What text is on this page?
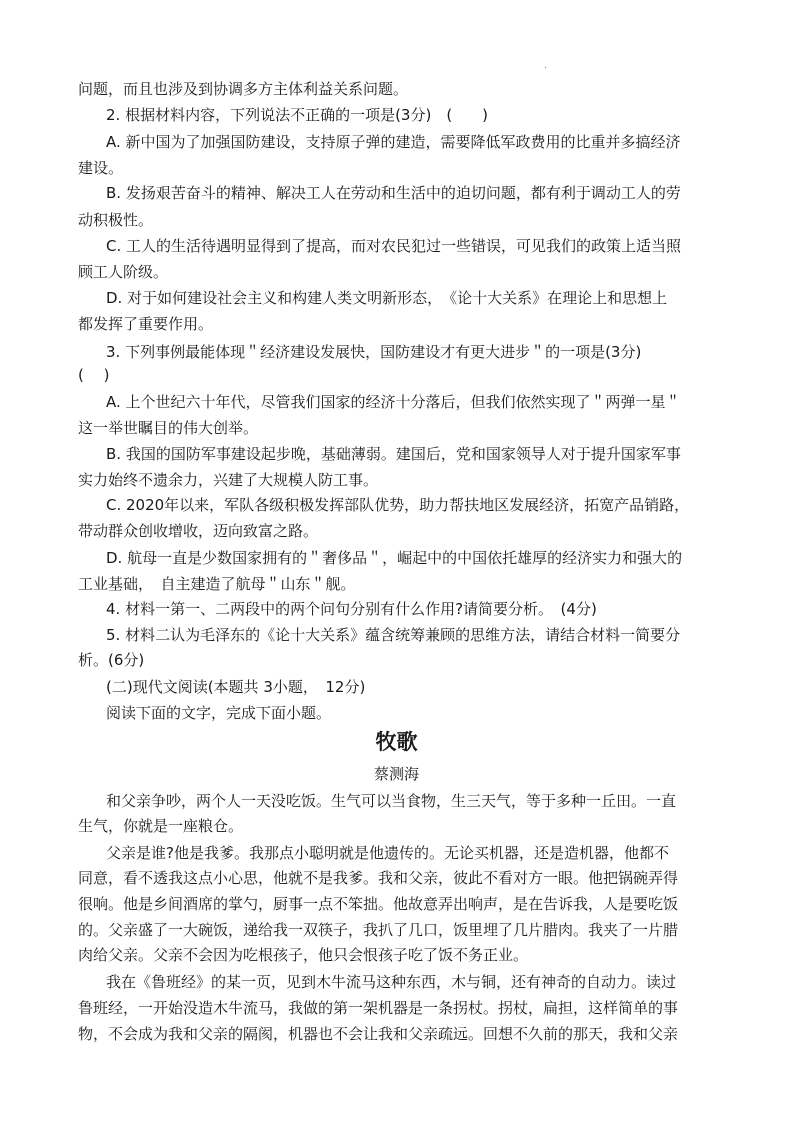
.

问题，而且也涉及到协调多方主体利益关系问题。

2. 根据材料内容，下列说法不正确的一项是(3分)　(　　)

A. 新中国为了加强国防建设，支持原子弹的建造，需要降低军政费用的比重并多搞经济

建设。

B. 发扬艰苦奋斗的精神、解决工人在劳动和生活中的迫切问题，都有利于调动工人的劳

动积极性。

C. 工人的生活待遇明显得到了提高，而对农民犯过一些错误，可见我们的政策上适当照

顾工人阶级。

D. 对于如何建设社会主义和构建人类文明新形态，　《论十大关系》在理论上和思想上

都发挥了重要作用。

3. 下列事例最能体现＂经济建设发展快，国防建设才有更大进步＂的一项是(3分)

(　 )

A. 上个世纪六十年代，尽管我们国家的经济十分落后，但我们依然实现了＂两弹一星＂

这一举世瞩目的伟大创举。

B. 我国的国防军事建设起步晚，基础薄弱。建国后，党和国家领导人对于提升国家军事

实力始终不遗余力，兴建了大规模人防工事。

C. 2020年以来，军队各级积极发挥部队优势，助力帮扶地区发展经济，拓宽产品销路，

带动群众创收增收，迈向致富之路。

D. 航母一直是少数国家拥有的＂奢侈品＂，崛起中的中国依托雄厚的经济实力和强大的

工业基础，　自主建造了航母＂山东＂舰。

4. 材料一第一、二两段中的两个问句分别有什么作用?请简要分析。　(4分)

5. 材料二认为毛泽东的《论十大关系》蕴含统筹兼顾的思维方法，请结合材料一简要分

析。(6分)

(二)现代文阅读(本题共 3小题，　12分)

阅读下面的文字，完成下面小题。

牧歌

蔡测海

和父亲争吵，两个人一天没吃饭。生气可以当食物，生三天气，等于多种一丘田。一直

生气，你就是一座粮仓。

父亲是谁?他是我爹。我那点小聪明就是他遗传的。无论买机器，还是造机器，他都不

同意，看不透我这点小心思，他就不是我爹。我和父亲，彼此不看对方一眼。他把锅碗弄得

很响。他是乡间酒席的掌勺，厨事一点不笨拙。他故意弄出响声，是在告诉我，人是要吃饭

的。父亲盛了一大碗饭，递给我一双筷子，我扒了几口，饭里埋了几片腊肉。我夹了一片腊

肉给父亲。父亲不会因为吃根孩子，他只会恨孩子吃了饭不务正业。

我在《鲁班经》的某一页，见到木牛流马这种东西，木与铜，还有神奇的自动力。读过

鲁班经，一开始没造木牛流马，我做的第一架机器是一条拐杖。拐杖，扁担，这样简单的事

物，不会成为我和父亲的隔阂，机器也不会让我和父亲疏远。回想不久前的那天，我和父亲
